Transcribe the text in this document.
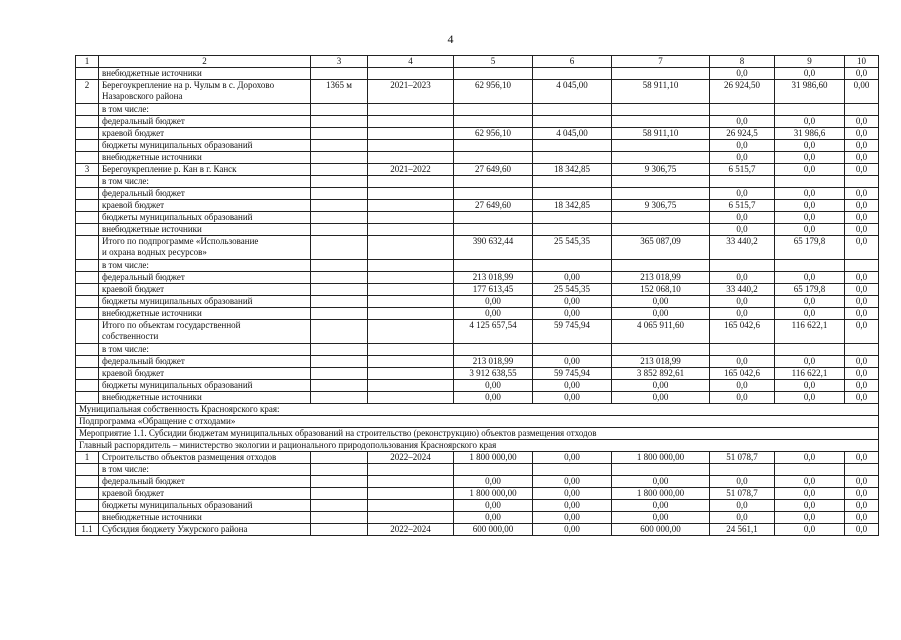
4
1	2	3	4	5	6	7	8	9	10
	внебюджетные источники						0,0	0,0	0,0
2	Берегоукрепление на р. Чулым в с. Дорохово
Назаровского района	1365 м	2021–2023	62 956,10	4 045,00	58 911,10	26 924,50	31 986,60	0,00
	в том числе:								
	федеральный бюджет						0,0	0,0	0,0
	краевой бюджет			62 956,10	4 045,00	58 911,10	26 924,5	31 986,6	0,0
	бюджеты муниципальных образований						0,0	0,0	0,0
	внебюджетные источники						0,0	0,0	0,0
3	Берегоукрепление р. Кан в г. Канск		2021–2022	27 649,60	18 342,85	9 306,75	6 515,7	0,0	0,0
	в том числе:								
	федеральный бюджет						0,0	0,0	0,0
	краевой бюджет			27 649,60	18 342,85	9 306,75	6 515,7	0,0	0,0
	бюджеты муниципальных образований						0,0	0,0	0,0
	внебюджетные источники						0,0	0,0	0,0
	Итого по подпрограмме «Использование
и охрана водных ресурсов»			390 632,44	25 545,35	365 087,09	33 440,2	65 179,8	0,0
	в том числе:								
	федеральный бюджет			213 018,99	0,00	213 018,99	0,0	0,0	0,0
	краевой бюджет			177 613,45	25 545,35	152 068,10	33 440,2	65 179,8	0,0
	бюджеты муниципальных образований			0,00	0,00	0,00	0,0	0,0	0,0
	внебюджетные источники			0,00	0,00	0,00	0,0	0,0	0,0
	Итого по объектам государственной
собственности			4 125 657,54	59 745,94	4 065 911,60	165 042,6	116 622,1	0,0
	в том числе:								
	федеральный бюджет			213 018,99	0,00	213 018,99	0,0	0,0	0,0
	краевой бюджет			3 912 638,55	59 745,94	3 852 892,61	165 042,6	116 622,1	0,0
	бюджеты муниципальных образований			0,00	0,00	0,00	0,0	0,0	0,0
	внебюджетные источники			0,00	0,00	0,00	0,0	0,0	0,0
Муниципальная собственность Красноярского края:									
Подпрограмма «Обращение с отходами»									
Мероприятие 1.1. Субсидии бюджетам муниципальных образований на строительство (реконструкцию) объектов размещения отходов									
Главный распорядитель – министерство экологии и рационального природопользования Красноярского края									
1	Строительство объектов размещения отходов		2022–2024	1 800 000,00	0,00	1 800 000,00	51 078,7	0,0	0,0
	в том числе:								
	федеральный бюджет			0,00	0,00	0,00	0,0	0,0	0,0
	краевой бюджет			1 800 000,00	0,00	1 800 000,00	51 078,7	0,0	0,0
	бюджеты муниципальных образований			0,00	0,00	0,00	0,0	0,0	0,0
	внебюджетные источники			0,00	0,00	0,00	0,0	0,0	0,0
1.1	Субсидия бюджету Ужурского района		2022–2024	600 000,00	0,00	600 000,00	24 561,1	0,0	0,0
